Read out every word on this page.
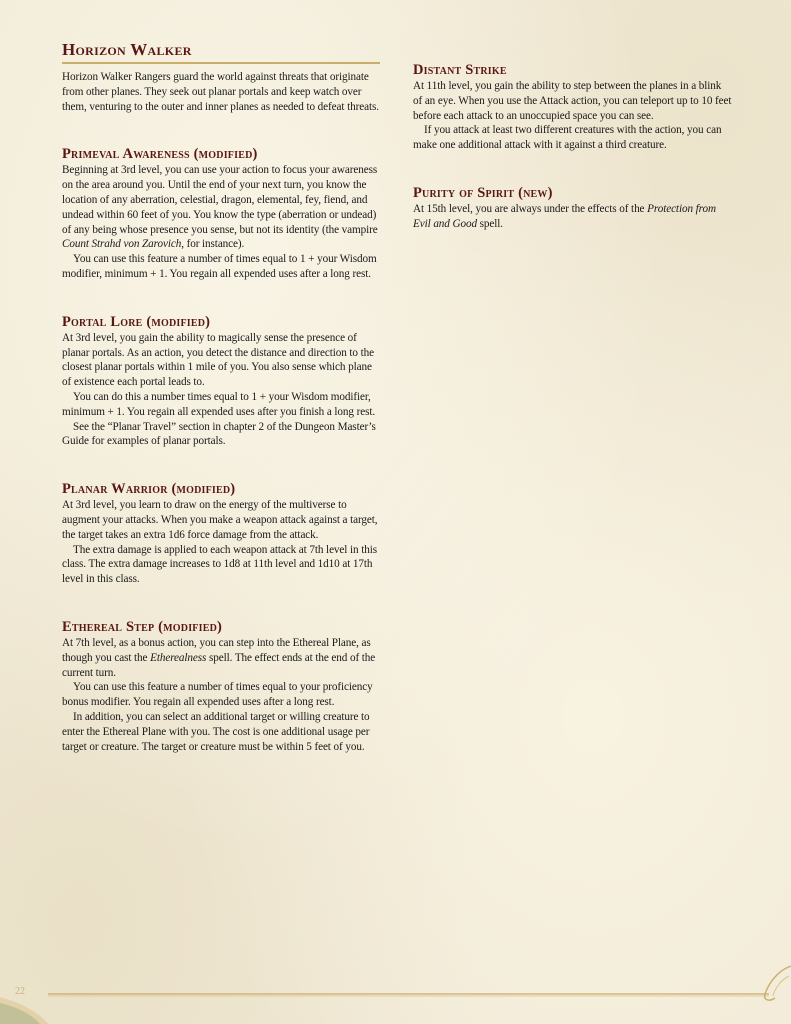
Horizon Walker

Horizon Walker Rangers guard the world against threats that originate from other planes. They seek out planar portals and keep watch over them, venturing to the outer and inner planes as needed to defeat threats.

Primeval Awareness (modified)

Beginning at 3rd level, you can use your action to focus your awareness on the area around you. Until the end of your next turn, you know the location of any aberration, celestial, dragon, elemental, fey, fiend, and undead within 60 feet of you. You know the type (aberration or undead) of any being whose presence you sense, but not its identity (the vampire Count Strahd von Zarovich, for instance).

You can use this feature a number of times equal to 1 + your Wisdom modifier, minimum + 1. You regain all expended uses after a long rest.

Portal Lore (modified)

At 3rd level, you gain the ability to magically sense the presence of planar portals. As an action, you detect the distance and direction to the closest planar portals within 1 mile of you. You also sense which plane of existence each portal leads to.

You can do this a number times equal to 1 + your Wisdom modifier, minimum + 1. You regain all expended uses after you finish a long rest.

See the “Planar Travel” section in chapter 2 of the Dungeon Master’s Guide for examples of planar portals.

Planar Warrior (modified)

At 3rd level, you learn to draw on the energy of the multiverse to augment your attacks. When you make a weapon attack against a target, the target takes an extra 1d6 force damage from the attack.

The extra damage is applied to each weapon attack at 7th level in this class. The extra damage increases to 1d8 at 11th level and 1d10 at 17th level in this class.

Ethereal Step (modified)

At 7th level, as a bonus action, you can step into the Ethereal Plane, as though you cast the Etherealness spell. The effect ends at the end of the current turn.

You can use this feature a number of times equal to your proficiency bonus modifier. You regain all expended uses after a long rest.

In addition, you can select an additional target or willing creature to enter the Ethereal Plane with you. The cost is one additional usage per target or creature. The target or creature must be within 5 feet of you.

Distant Strike

At 11th level, you gain the ability to step between the planes in a blink of an eye. When you use the Attack action, you can teleport up to 10 feet before each attack to an unoccupied space you can see.

If you attack at least two different creatures with the action, you can make one additional attack with it against a third creature.

Purity of Spirit (new)

At 15th level, you are always under the effects of the Protection from Evil and Good spell.

22
